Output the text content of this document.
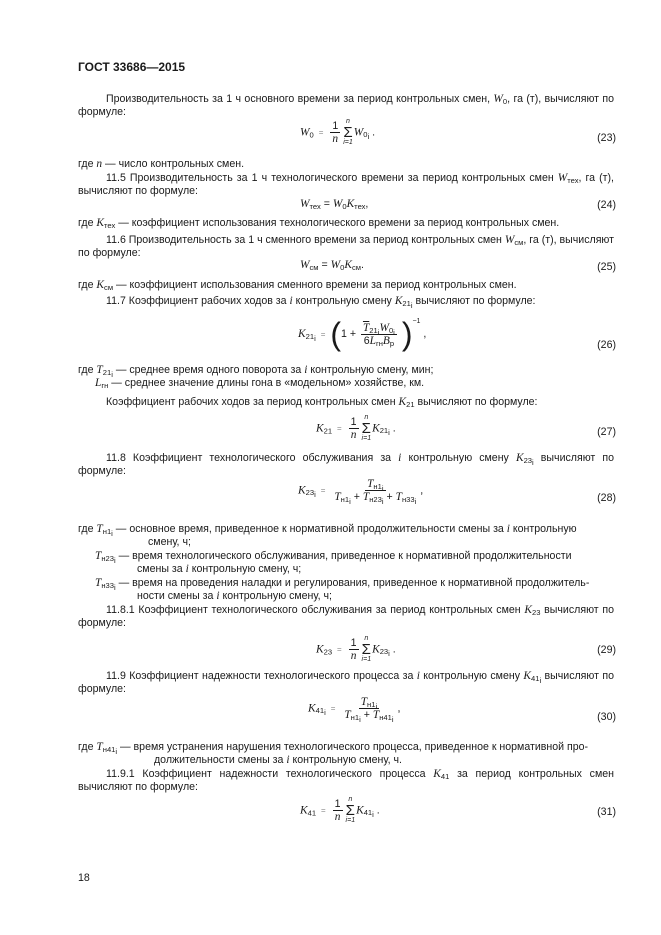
ГОСТ 33686—2015

Производительность за 1 ч основного времени за период контрольных смен, $W_0$, га (т), вычисляют по формуле:

$W_0 = \frac{1}{n}$ n
Σ
i=1
$W_{0_i}$ .	(23)

где n — число контрольных смен.

11.5 Производительность за 1 ч технологического времени за период контрольных смен $W_{тех}$, га (т), вычисляют по формуле:

$W_{тех} = W_0K_{тех}$,	(24)

где $K_{тех}$ — коэффициент использования технологического времени за период контрольных смен.

11.6 Производительность за 1 ч сменного времени за период контрольных смен $W_{см}$, га (т), вычисляют по формуле:

$W_{см} = W_0K_{см}$.	(25)

где $K_{см}$ — коэффициент использования сменного времени за период контрольных смен.

11.7 Коэффициент рабочих ходов за i контрольную смену $K_{21_i}$ вычисляют по формуле:

$K_{21_i} = (1 + \frac{\overline{T}_{21_i}W_{0_i}}{6L_{гн}B_р} )^{-1}$ ,
(26)
где $T_{21_i}$ — среднее время одного поворота за i контрольную смену, мин;
$L_{гн}$ — среднее значение длины гона в «модельном» хозяйстве, км.

Коэффициент рабочих ходов за период контрольных смен $K_{21}$ вычисляют по формуле:

$K_{21} = \frac{1}{n}$ n
Σ
i=1
$K_{21_i}$ .	(27)

11.8 Коэффициент технологического обслуживания за i контрольную смену $K_{23_i}$ вычисляют по формуле:

$K_{23_i} = \frac{T_{н1_i}}{T_{н1_i} + T_{н23_i} + T_{н33_i}}$ ,
(28)
где $T_{н1_i}$ — основное время, приведенное к нормативной продолжительности смены за i контрольную
смену, ч;
$T_{н23_i}$ — время технологического обслуживания, приведенное к нормативной продолжительности
смены за i контрольную смену, ч;
$T_{н33_i}$ — время на проведения наладки и регулирования, приведенное к нормативной продолжитель-
ности смены за i контрольную смену, ч;

11.8.1 Коэффициент технологического обслуживания за период контрольных смен $K_{23}$ вычисляют по формуле:

$K_{23} = \frac{1}{n}$ n
Σ
i=1
$K_{23_i}$ .	(29)

11.9 Коэффициент надежности технологического процесса за i контрольную смену $K_{41_i}$ вычисляют по формуле:

$K_{41_i} = \frac{T_{н1_i}}{T_{н1_i} + T_{н41_i}}$ ,
(30)
где $T_{н41_i}$ — время устранения нарушения технологического процесса, приведенное к нормативной про-
должительности смены за i контрольную смену, ч.

11.9.1 Коэффициент надежности технологического процесса $K_{41}$ за период контрольных смен вычисляют по формуле:

$K_{41} = \frac{1}{n}$ n
Σ
i=1
$K_{41_i}$ .	(31)
18
